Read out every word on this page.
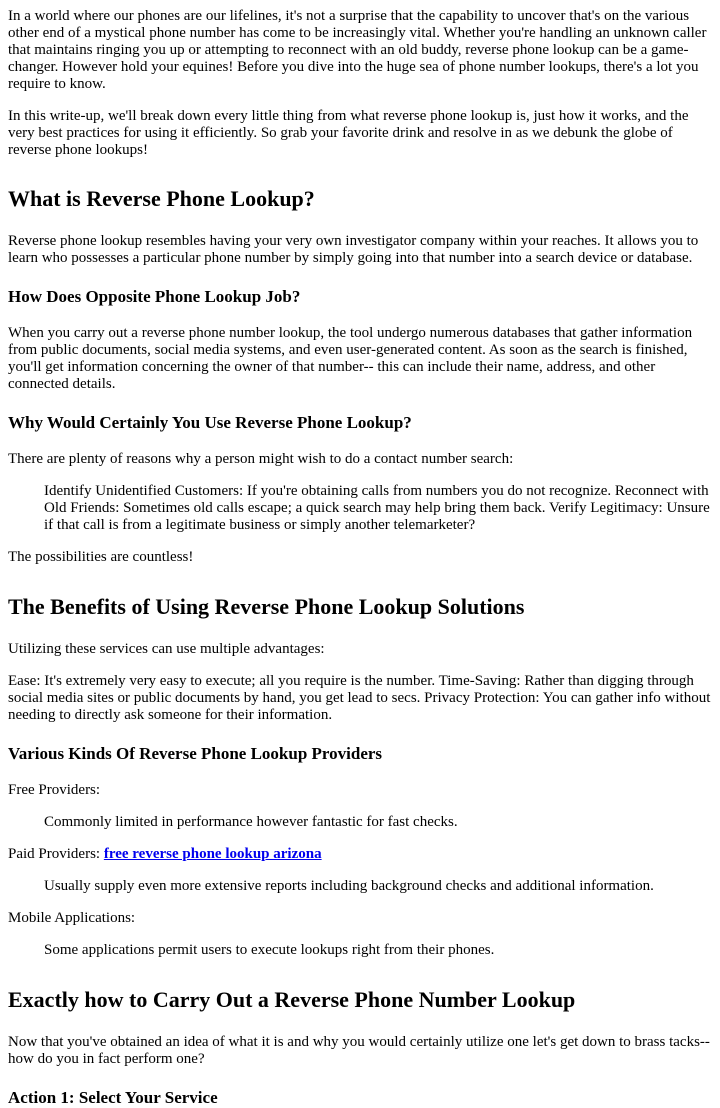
In a world where our phones are our lifelines, it's not a surprise that the capability to uncover that's on the various other end of a mystical phone number has come to be increasingly vital. Whether you're handling an unknown caller that maintains ringing you up or attempting to reconnect with an old buddy, reverse phone lookup can be a game-changer. However hold your equines! Before you dive into the huge sea of phone number lookups, there's a lot you require to know.

In this write-up, we'll break down every little thing from what reverse phone lookup is, just how it works, and the very best practices for using it efficiently. So grab your favorite drink and resolve in as we debunk the globe of reverse phone lookups!

What is Reverse Phone Lookup?

Reverse phone lookup resembles having your very own investigator company within your reaches. It allows you to learn who possesses a particular phone number by simply going into that number into a search device or database.

How Does Opposite Phone Lookup Job?

When you carry out a reverse phone number lookup, the tool undergo numerous databases that gather information from public documents, social media systems, and even user-generated content. As soon as the search is finished, you'll get information concerning the owner of that number-- this can include their name, address, and other connected details.

Why Would Certainly You Use Reverse Phone Lookup?

There are plenty of reasons why a person might wish to do a contact number search:

Identify Unidentified Customers: If you're obtaining calls from numbers you do not recognize. Reconnect with Old Friends: Sometimes old calls escape; a quick search may help bring them back. Verify Legitimacy: Unsure if that call is from a legitimate business or simply another telemarketer?

The possibilities are countless!

The Benefits of Using Reverse Phone Lookup Solutions

Utilizing these services can use multiple advantages:

Ease: It's extremely very easy to execute; all you require is the number. Time-Saving: Rather than digging through social media sites or public documents by hand, you get lead to secs. Privacy Protection: You can gather info without needing to directly ask someone for their information.

Various Kinds Of Reverse Phone Lookup Providers

Free Providers:

Commonly limited in performance however fantastic for fast checks.

Paid Providers: free reverse phone lookup arizona

Usually supply even more extensive reports including background checks and additional information.

Mobile Applications:

Some applications permit users to execute lookups right from their phones.
Exactly how to Carry Out a Reverse Phone Number Lookup

Now that you've obtained an idea of what it is and why you would certainly utilize one let's get down to brass tacks-- how do you in fact perform one?

Action 1: Select Your Service
